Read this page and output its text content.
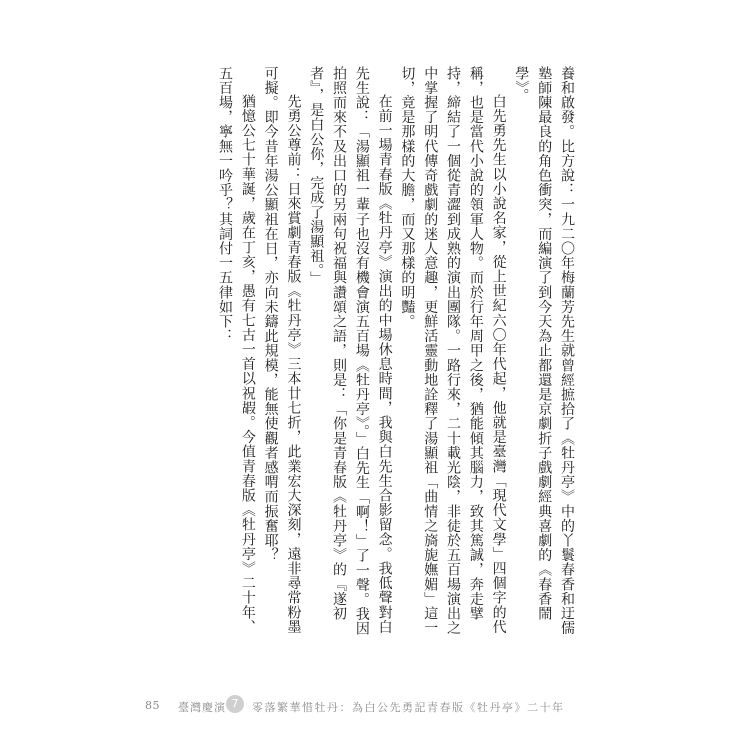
養和啟發。比方說：一九二〇年梅蘭芳先生就曾經摭拾了《牡丹亭》中的丫鬟春香和迂儒塾師陳最良的角色衝突，而編演了到今天為止都還是京劇折子戲劇經典喜劇的《春香鬧學》。

白先勇先生以小說名家，從上世紀六〇年代起，他就是臺灣「現代文學」四個字的代稱，也是當代小說的領軍人物。而於行年周甲之後，猶能傾其腦力，致其篤誠，奔走擘持，締結了一個從青澀到成熟的演出團隊。一路行來，二十載光陰，非徒於五百場演出之中掌握了明代傳奇戲劇的迷人意趣，更鮮活靈動地詮釋了湯顯祖「曲情之旖旎嫵媚」這一切，竟是那樣的大膽，而又那樣的明豔。

在前一場青春版《牡丹亭》演出的中場休息時間，我與白先生合影留念。我低聲對白先生說：「湯顯祖一輩子也沒有機會演五百場《牡丹亭》。」白先生「啊！」了一聲。我因拍照而來不及出口的另兩句祝福與讚頌之語，則是：「你是青春版《牡丹亭》的『遂初者』，是白公你，完成了湯顯祖。」

先勇公尊前：日來賞劇青春版《牡丹亭》三本廿七折，此業宏大深刻，遠非尋常粉墨可擬。即今昔年湯公顯祖在日，亦向未鑄此規模，能無使觀者感喟而振奮耶？

猶憶公七十華誕，歲在丁亥，愚有七古一首以祝嘏。今值青春版《牡丹亭》二十年、五百場，寧無一吟乎？其詞付一五律如下：

85 臺灣慶演 7	零落繁華惜牡丹：為白公先勇記青春版《牡丹亭》二十年
